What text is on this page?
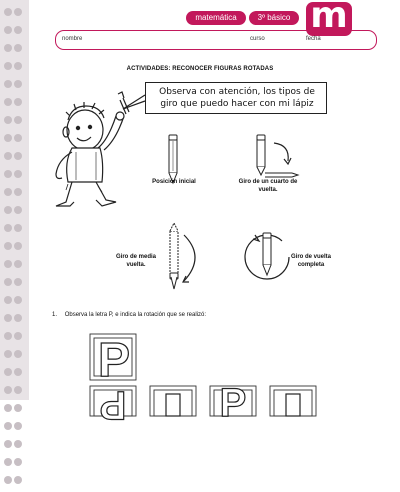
matemática	3º básico m
nombre	curso	fecha
ACTIVIDADES: RECONOCER FIGURAS ROTADAS
Observa con atención, los tipos de giro que puedo hacer con mi lápiz
Posición inicial	Giro de un cuarto de vuelta.
Giro de media vuelta.
Giro de vuelta completa
1. Observa la letra P, e indica la rotación que se realizó:
P
P P
